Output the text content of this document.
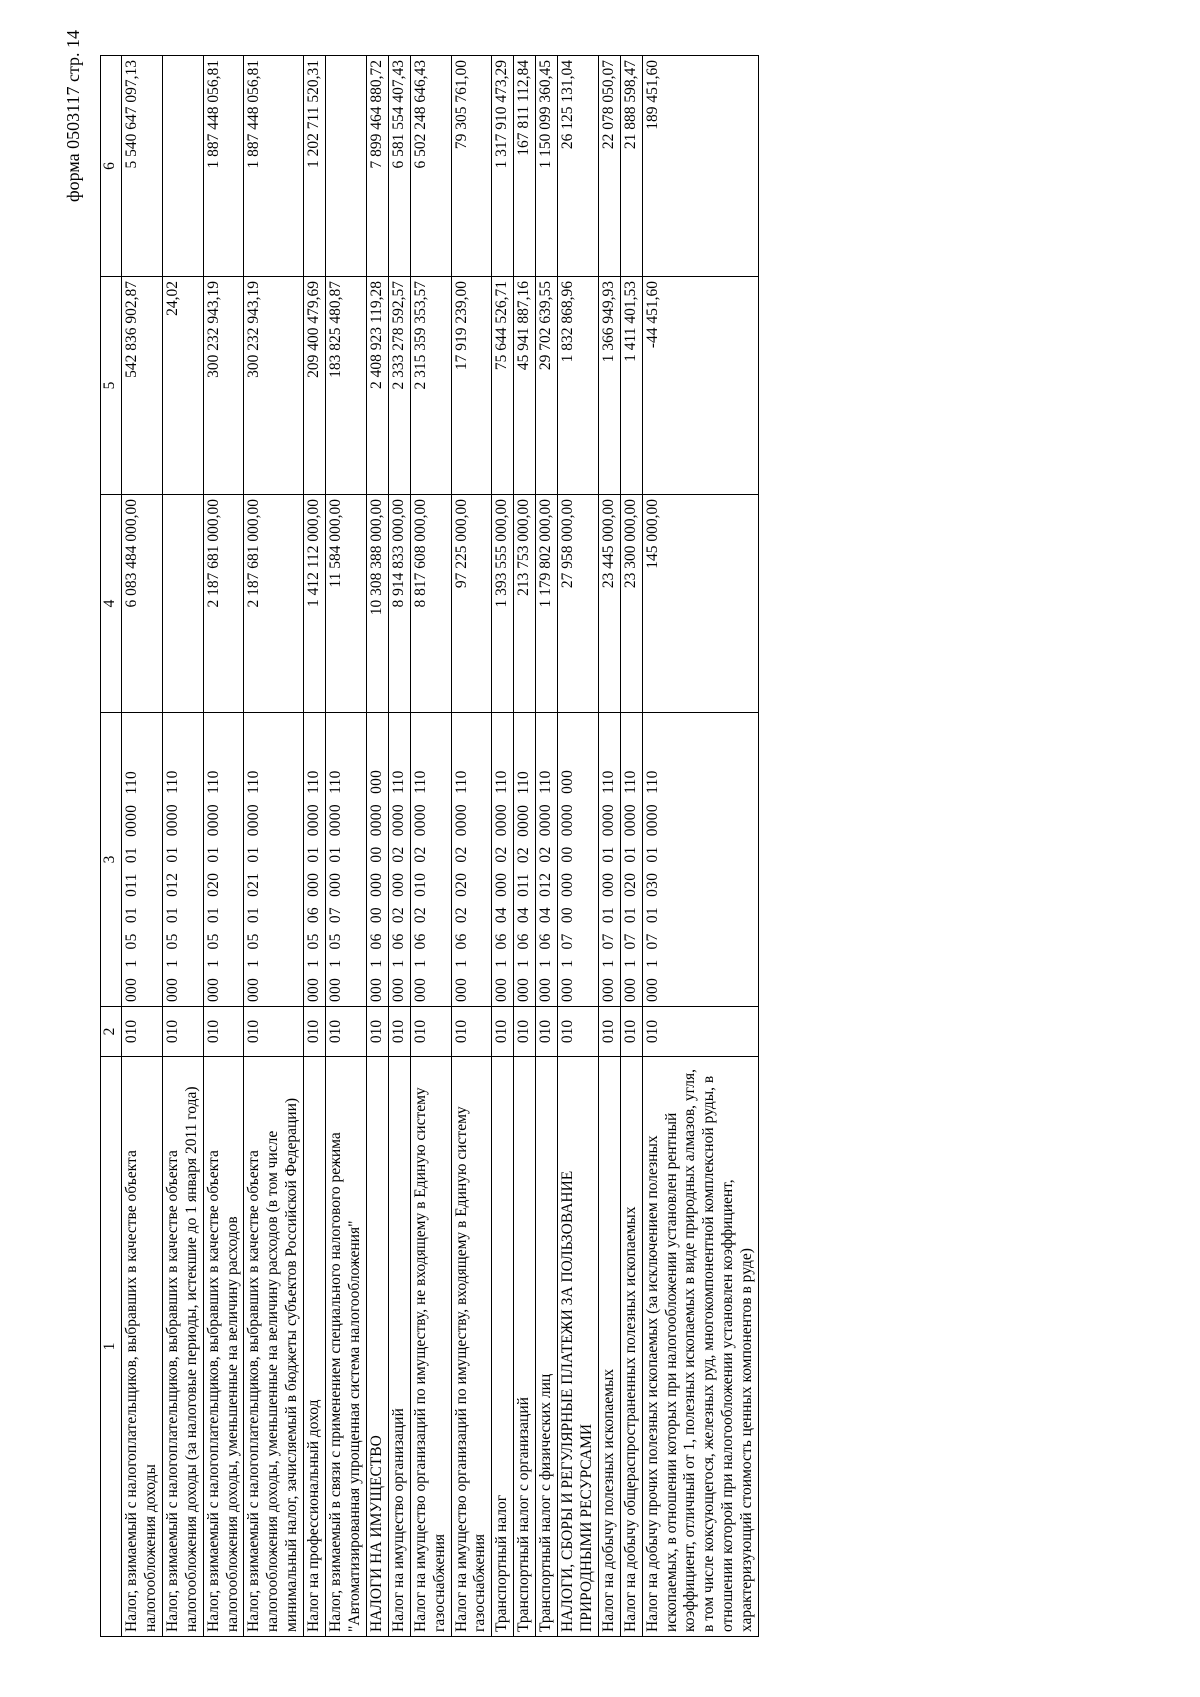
форма 0503117 стр. 14
1	2	3	4	5	6
Налог, взимаемый с налогоплательщиков, выбравших в качестве объекта налогообложения доходы	010	000 1 05 01 011 01 0000 110	6 083 484 000,00	542 836 902,87	5 540 647 097,13
Налог, взимаемый с налогоплательщиков, выбравших в качестве объекта налогообложения доходы (за налоговые периоды, истекшие до 1 января 2011 года)	010	000 1 05 01 012 01 0000 110		24,02	
Налог, взимаемый с налогоплательщиков, выбравших в качестве объекта налогообложения доходы, уменьшенные на величину расходов	010	000 1 05 01 020 01 0000 110	2 187 681 000,00	300 232 943,19	1 887 448 056,81
Налог, взимаемый с налогоплательщиков, выбравших в качестве объекта налогообложения доходы, уменьшенные на величину расходов (в том числе минимальный налог, зачисляемый в бюджеты субъектов Российской Федерации)	010	000 1 05 01 021 01 0000 110	2 187 681 000,00	300 232 943,19	1 887 448 056,81
Налог на профессиональный доход	010	000 1 05 06 000 01 0000 110	1 412 112 000,00	209 400 479,69	1 202 711 520,31
Налог, взимаемый в связи с применением специального налогового режима "Автоматизированная упрощенная система налогообложения"	010	000 1 05 07 000 01 0000 110	11 584 000,00	183 825 480,87	
НАЛОГИ НА ИМУЩЕСТВО	010	000 1 06 00 000 00 0000 000	10 308 388 000,00	2 408 923 119,28	7 899 464 880,72
Налог на имущество организаций	010	000 1 06 02 000 02 0000 110	8 914 833 000,00	2 333 278 592,57	6 581 554 407,43
Налог на имущество организаций по имуществу, не входящему в Единую систему газоснабжения	010	000 1 06 02 010 02 0000 110	8 817 608 000,00	2 315 359 353,57	6 502 248 646,43
Налог на имущество организаций по имуществу, входящему в Единую систему газоснабжения	010	000 1 06 02 020 02 0000 110	97 225 000,00	17 919 239,00	79 305 761,00
Транспортный налог	010	000 1 06 04 000 02 0000 110	1 393 555 000,00	75 644 526,71	1 317 910 473,29
Транспортный налог с организаций	010	000 1 06 04 011 02 0000 110	213 753 000,00	45 941 887,16	167 811 112,84
Транспортный налог с физических лиц	010	000 1 06 04 012 02 0000 110	1 179 802 000,00	29 702 639,55	1 150 099 360,45
НАЛОГИ, СБОРЫ И РЕГУЛЯРНЫЕ ПЛАТЕЖИ ЗА ПОЛЬЗОВАНИЕ ПРИРОДНЫМИ РЕСУРСАМИ	010	000 1 07 00 000 00 0000 000	27 958 000,00	1 832 868,96	26 125 131,04
Налог на добычу полезных ископаемых	010	000 1 07 01 000 01 0000 110	23 445 000,00	1 366 949,93	22 078 050,07
Налог на добычу общераспространенных полезных ископаемых	010	000 1 07 01 020 01 0000 110	23 300 000,00	1 411 401,53	21 888 598,47
Налог на добычу прочих полезных ископаемых (за исключением полезных ископаемых, в отношении которых при налогообложении установлен рентный коэффициент, отличный от 1, полезных ископаемых в виде природных алмазов, угля, в том числе коксующегося, железных руд, многокомпонентной комплексной руды, в отношении которой при налогообложении установлен коэффициент, характеризующий стоимость ценных компонентов в руде)	010	000 1 07 01 030 01 0000 110	145 000,00	-44 451,60	189 451,60
